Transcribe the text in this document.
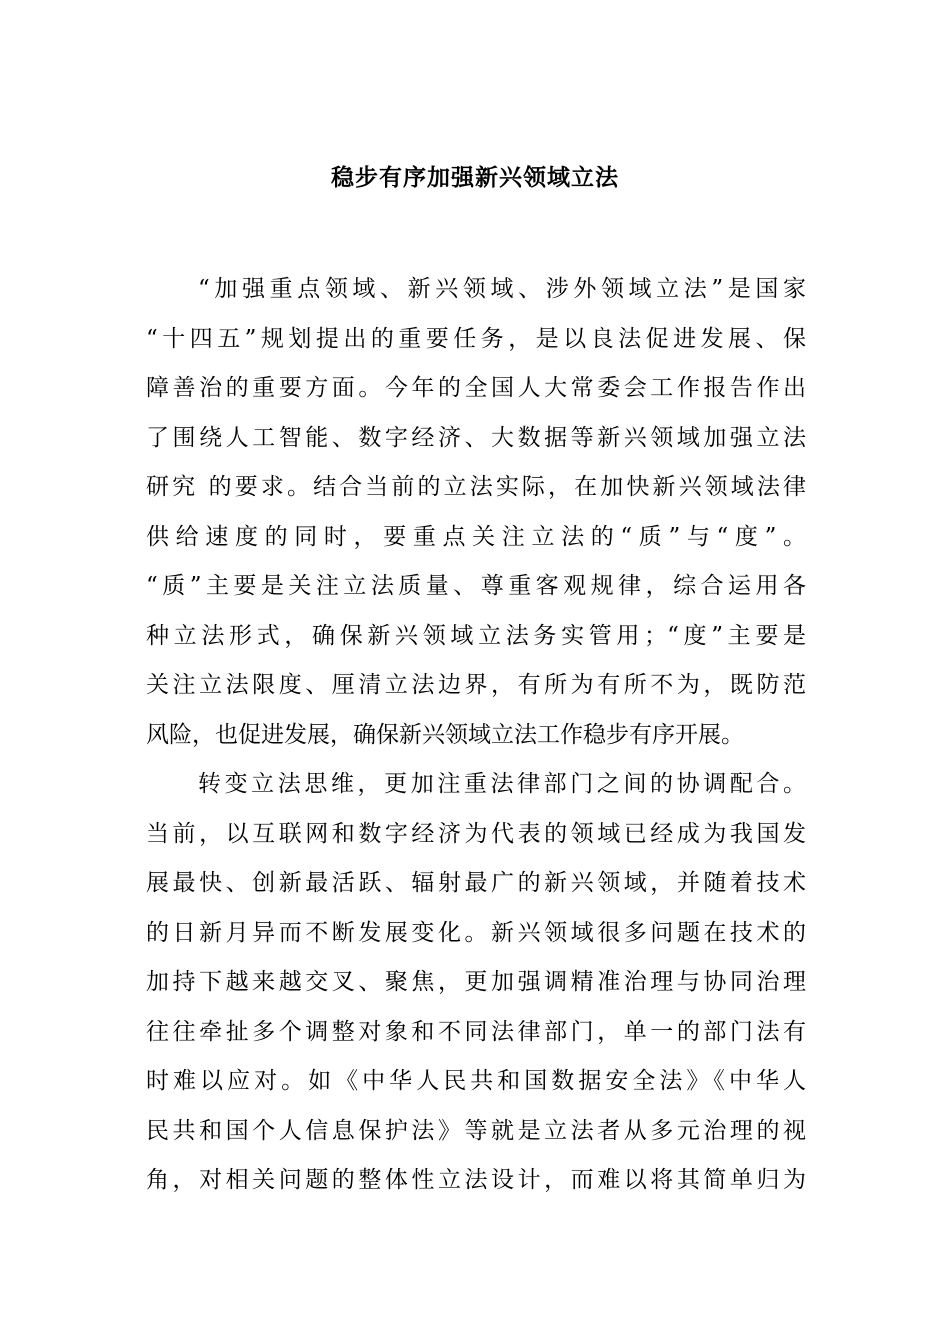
稳步有序加强新兴领域立法
“加强重点领域、新兴领域、涉外领域立法”是国家
“十四五”规划提出的重要任务，是以良法促进发展、保
障善治的重要方面。今年的全国人大常委会工作报告作出
了围绕人工智能、数字经济、大数据等新兴领域加强立法
研究 的要求。结合当前的立法实际，在加快新兴领域法律
供给速度的同时，要重点关注立法的“质”与“度”。
“质”主要是关注立法质量、尊重客观规律，综合运用各
种立法形式，确保新兴领域立法务实管用；“度”主要是
关注立法限度、厘清立法边界，有所为有所不为，既防范
风险，也促进发展，确保新兴领域立法工作稳步有序开展。
转变立法思维，更加注重法律部门之间的协调配合。
当前，以互联网和数字经济为代表的领域已经成为我国发
展最快、创新最活跃、辐射最广的新兴领域，并随着技术
的日新月异而不断发展变化。新兴领域很多问题在技术的
加持下越来越交叉、聚焦，更加强调精准治理与协同治理
往往牵扯多个调整对象和不同法律部门，单一的部门法有
时难以应对。如《中华人民共和国数据安全法》《中华人
民共和国个人信息保护法》等就是立法者从多元治理的视
角，对相关问题的整体性立法设计，而难以将其简单归为
